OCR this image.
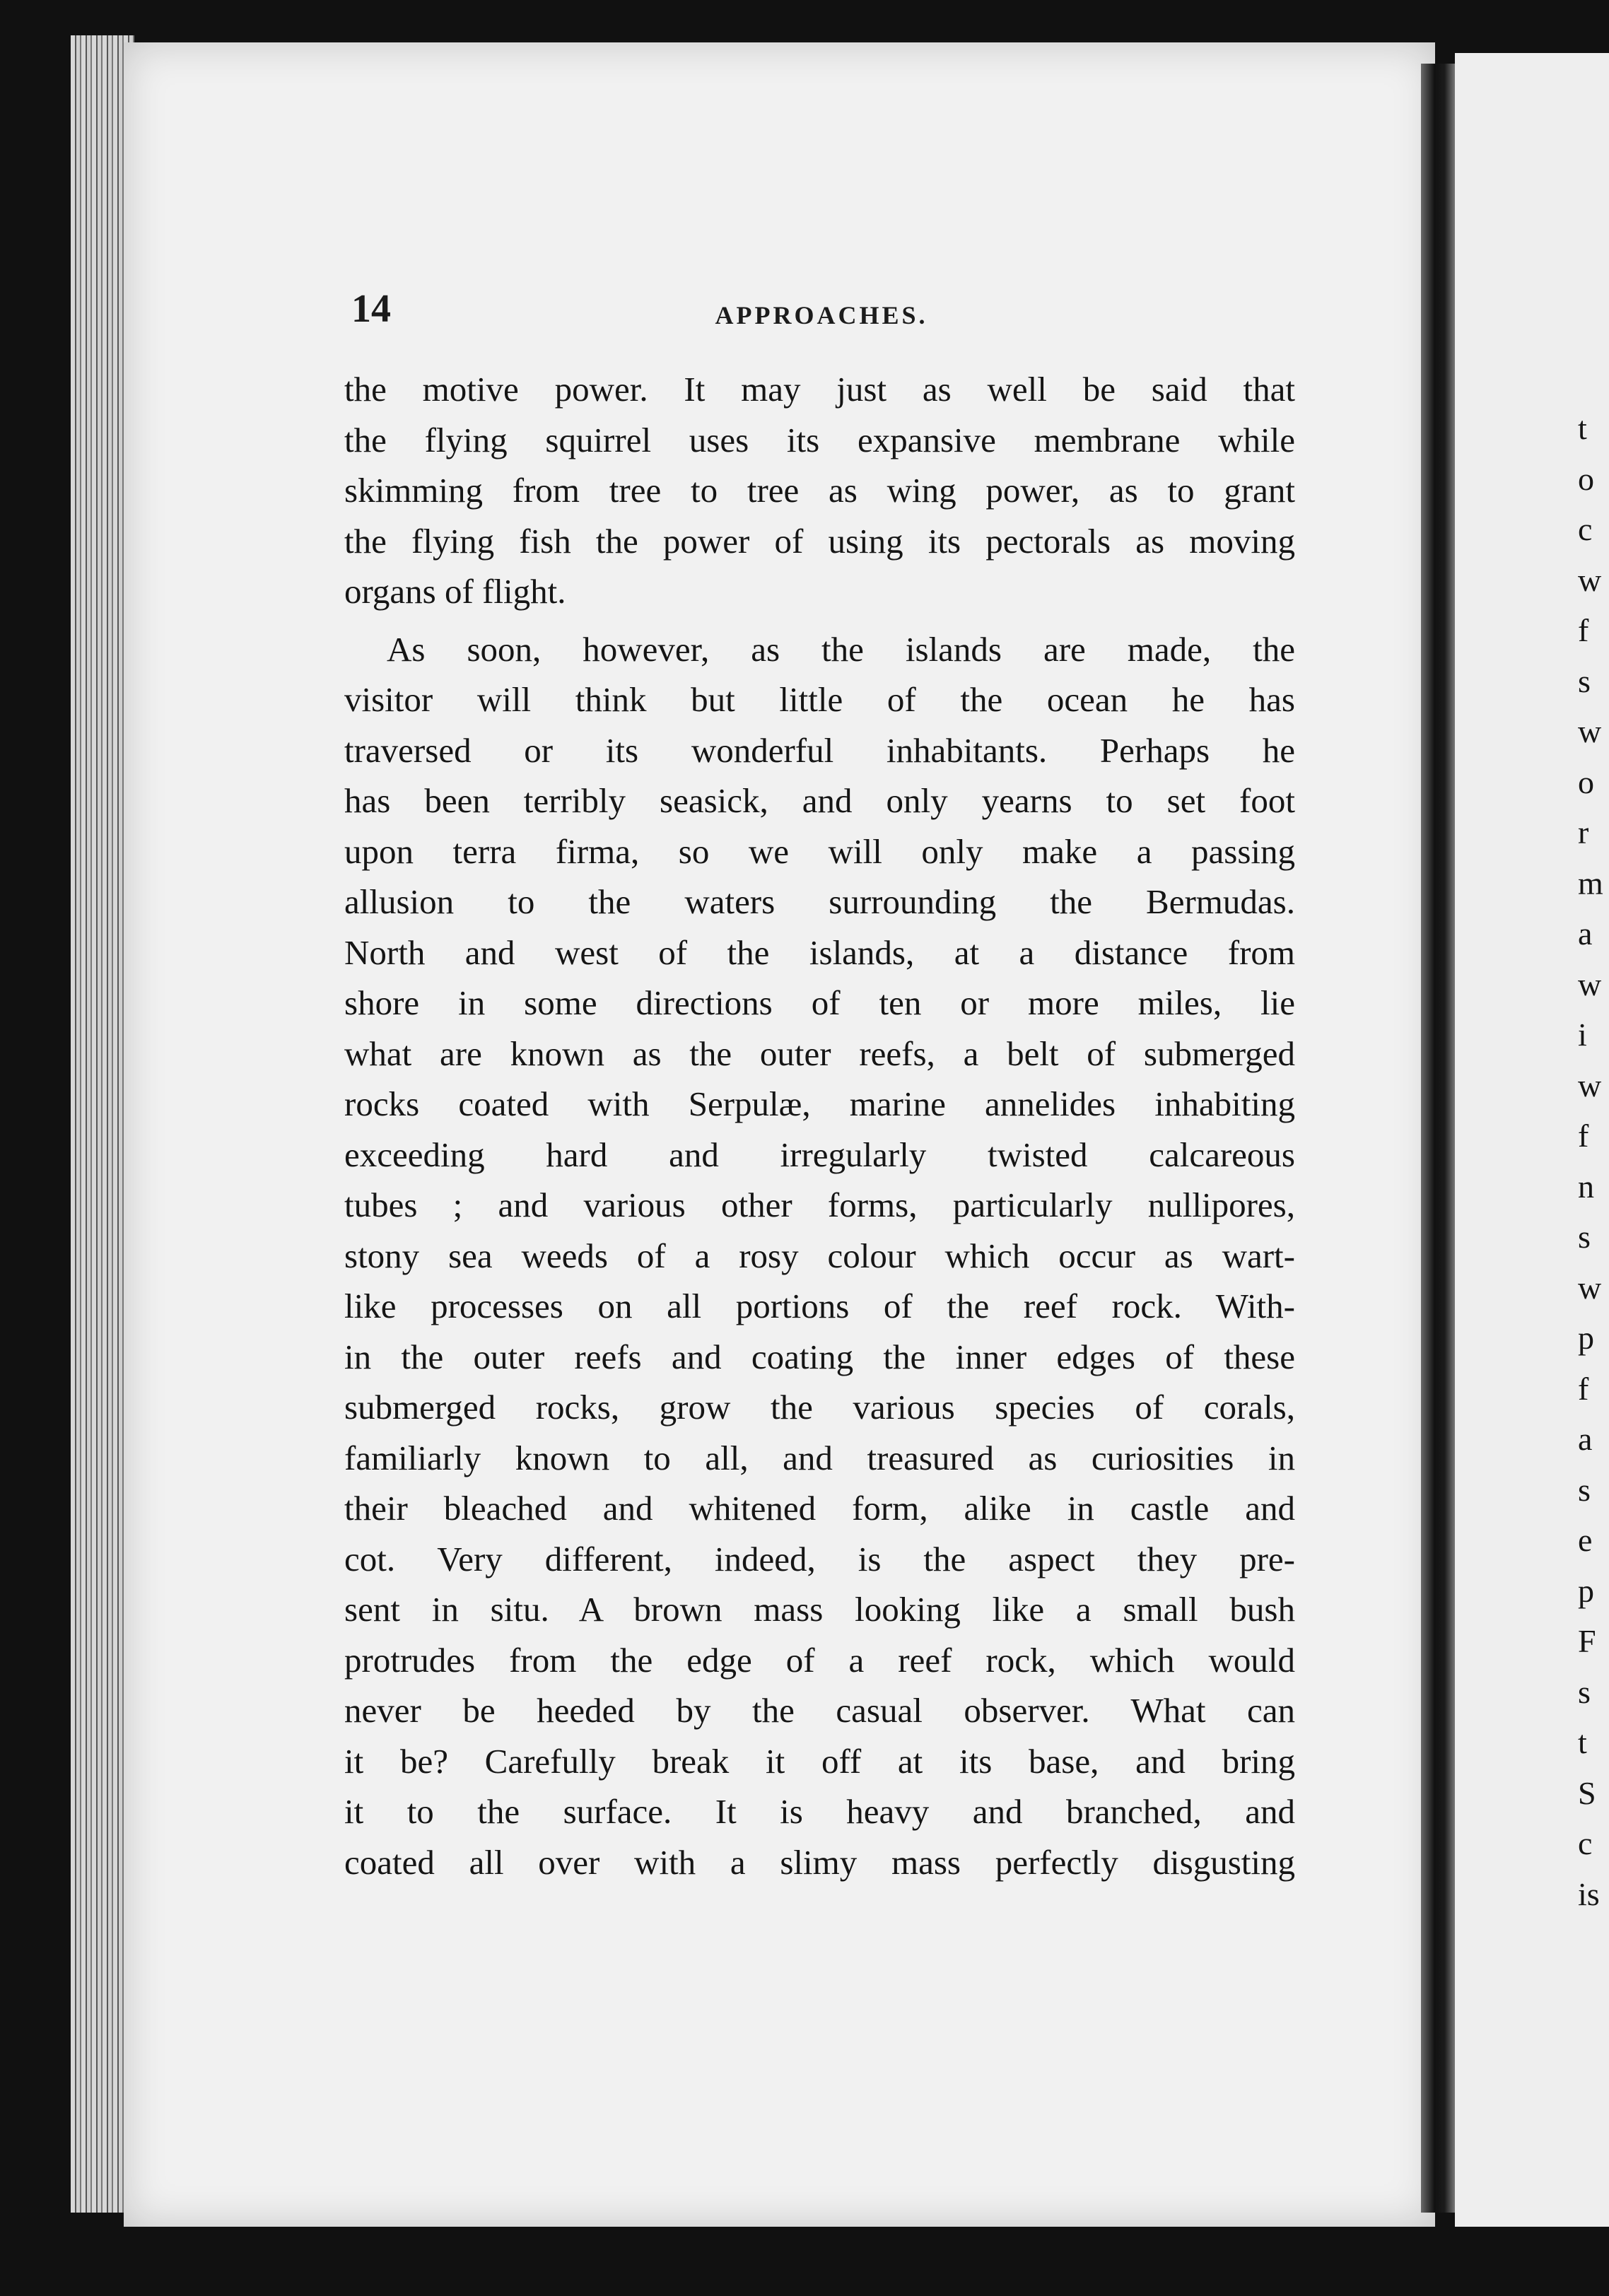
14	APPROACHES.
the motive power. It may just as well be said that
the flying squirrel uses its expansive membrane while
skimming from tree to tree as wing power, as to grant
the flying fish the power of using its pectorals as moving
organs of flight.
As soon, however, as the islands are made, the
visitor will think but little of the ocean he has
traversed or its wonderful inhabitants. Perhaps he
has been terribly seasick, and only yearns to set foot
upon terra firma, so we will only make a passing
allusion to the waters surrounding the Bermudas.
North and west of the islands, at a distance from
shore in some directions of ten or more miles, lie
what are known as the outer reefs, a belt of submerged
rocks coated with Serpulæ, marine annelides inhabiting
exceeding hard and irregularly twisted calcareous
tubes ; and various other forms, particularly nullipores,
stony sea weeds of a rosy colour which occur as wart-
like processes on all portions of the reef rock. With-
in the outer reefs and coating the inner edges of these
submerged rocks, grow the various species of corals,
familiarly known to all, and treasured as curiosities in
their bleached and whitened form, alike in castle and
cot. Very different, indeed, is the aspect they pre-
sent in situ. A brown mass looking like a small bush
protrudes from the edge of a reef rock, which would
never be heeded by the casual observer. What can
it be? Carefully break it off at its base, and bring
it to the surface. It is heavy and branched, and
coated all over with a slimy mass perfectly disgusting
t
o
c
w
f
s
w
o
r
m
a
w
i
w
f
n
s
w
p
f
a
s
e
p
F
s
t
S
c
is
